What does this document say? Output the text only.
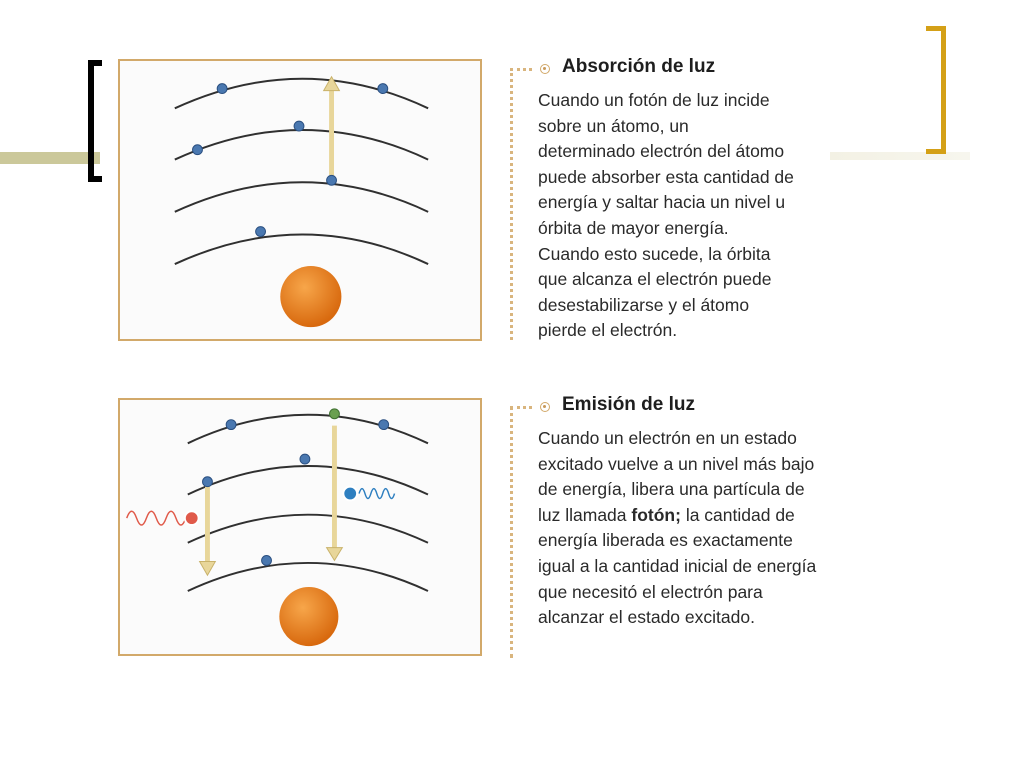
Absorción de luz

Cuando un fotón de luz incide
sobre un átomo, un
determinado electrón del átomo
puede absorber esta cantidad de
energía y saltar hacia un nivel u
órbita de mayor energía.
Cuando esto sucede, la órbita
que alcanza el electrón puede
desestabilizarse y el átomo
pierde el electrón.

Emisión de luz

Cuando un electrón en un estado
excitado vuelve a un nivel más bajo
de energía, libera una partícula de
luz llamada fotón; la cantidad de
energía liberada es exactamente
igual a la cantidad inicial de energía
que necesitó el electrón para
alcanzar el estado excitado.
